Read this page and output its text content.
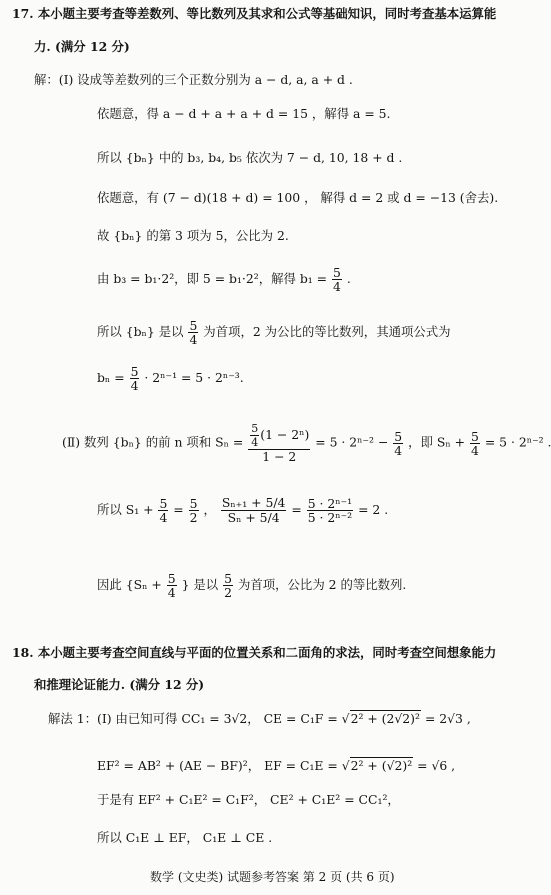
17. 本小题主要考查等差数列、等比数列及其求和公式等基础知识，同时考查基本运算能
力. (满分 12 分)
解：(Ⅰ) 设成等差数列的三个正数分别为 a − d, a, a + d .
依题意，得 a − d + a + a + d = 15 ，解得 a = 5.
所以 {bₙ} 中的 b₃, b₄, b₅ 依次为 7 − d, 10, 18 + d .
依题意，有 (7 − d)(18 + d) = 100 ， 解得 d = 2 或 d = −13 (舍去).
故 {bₙ} 的第 3 项为 5，公比为 2.
由 b₃ = b₁·2²，即 5 = b₁·2²，解得 $b_1 = \frac{5}{4}$ .
所以 {bₙ} 是以 $\frac{5}{4}$ 为首项，2 为公比的等比数列，其通项公式为
$b_n = \frac{5}{4} \cdot 2^{n-1} = 5 \cdot 2^{n-3}$.
(Ⅱ) 数列 {bₙ} 的前 n 项和 $S_n = \frac{\frac{5}{4} (1 - 2^n)}{1 - 2} = 5 \cdot 2^{n-2} - \frac{5}{4}$ ，即 $S_n + \frac{5}{4} = 5 \cdot 2^{n-2}$ .
所以 $S_1 + \frac{5}{4} = \frac{5}{2}$ ， $\frac{\text{Sₙ₊₁ + 5/4}}{\text{Sₙ + 5/4}} = \frac{\text{5 · 2ⁿ⁻¹}}{\text{5 · 2ⁿ⁻²}} = 2$ .
因此 {$S_n + \frac{5}{4}$ } 是以 $\frac{5}{2}$ 为首项，公比为 2 的等比数列.
18. 本小题主要考查空间直线与平面的位置关系和二面角的求法，同时考查空间想象能力
和推理论证能力. (满分 12 分)
解法 1：(Ⅰ) 由已知可得 CC₁ = 3√2， CE = C₁F = √2² + (2√2)² = 2√3 ,
EF² = AB² + (AE − BF)²， EF = C₁E = √2² + (√2)² = √6 ,
于是有 EF² + C₁E² = C₁F²， CE² + C₁E² = CC₁²，
所以 C₁E ⊥ EF， C₁E ⊥ CE .
数学 (文史类) 试题参考答案 第 2 页 (共 6 页)
